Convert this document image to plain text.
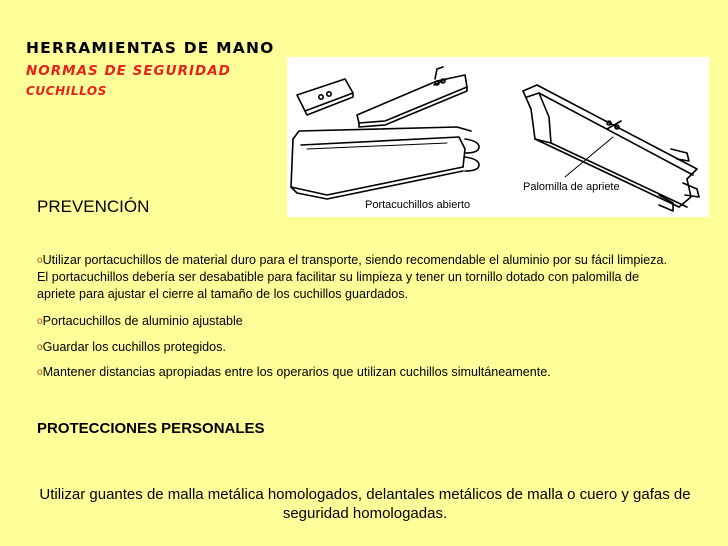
HERRAMIENTAS DE MANO
NORMAS DE SEGURIDAD
CUCHILLOS
Portacuchillos abierto
Palomilla de apriete
PREVENCIÓN

oUtilizar portacuchillos de material duro para el transporte, siendo recomendable el aluminio por su fácil limpieza. El portacuchillos debería ser desabatible para facilitar su limpieza y tener un tornillo dotado con palomilla de apriete para ajustar el cierre al tamaño de los cuchillos guardados.

oPortacuchillos de aluminio ajustable

oGuardar los cuchillos protegidos.

oMantener distancias apropiadas entre los operarios que utilizan cuchillos simultáneamente.

PROTECCIONES PERSONALES
Utilizar guantes de malla metálica homologados, delantales metálicos de malla o cuero y gafas de seguridad homologadas.
